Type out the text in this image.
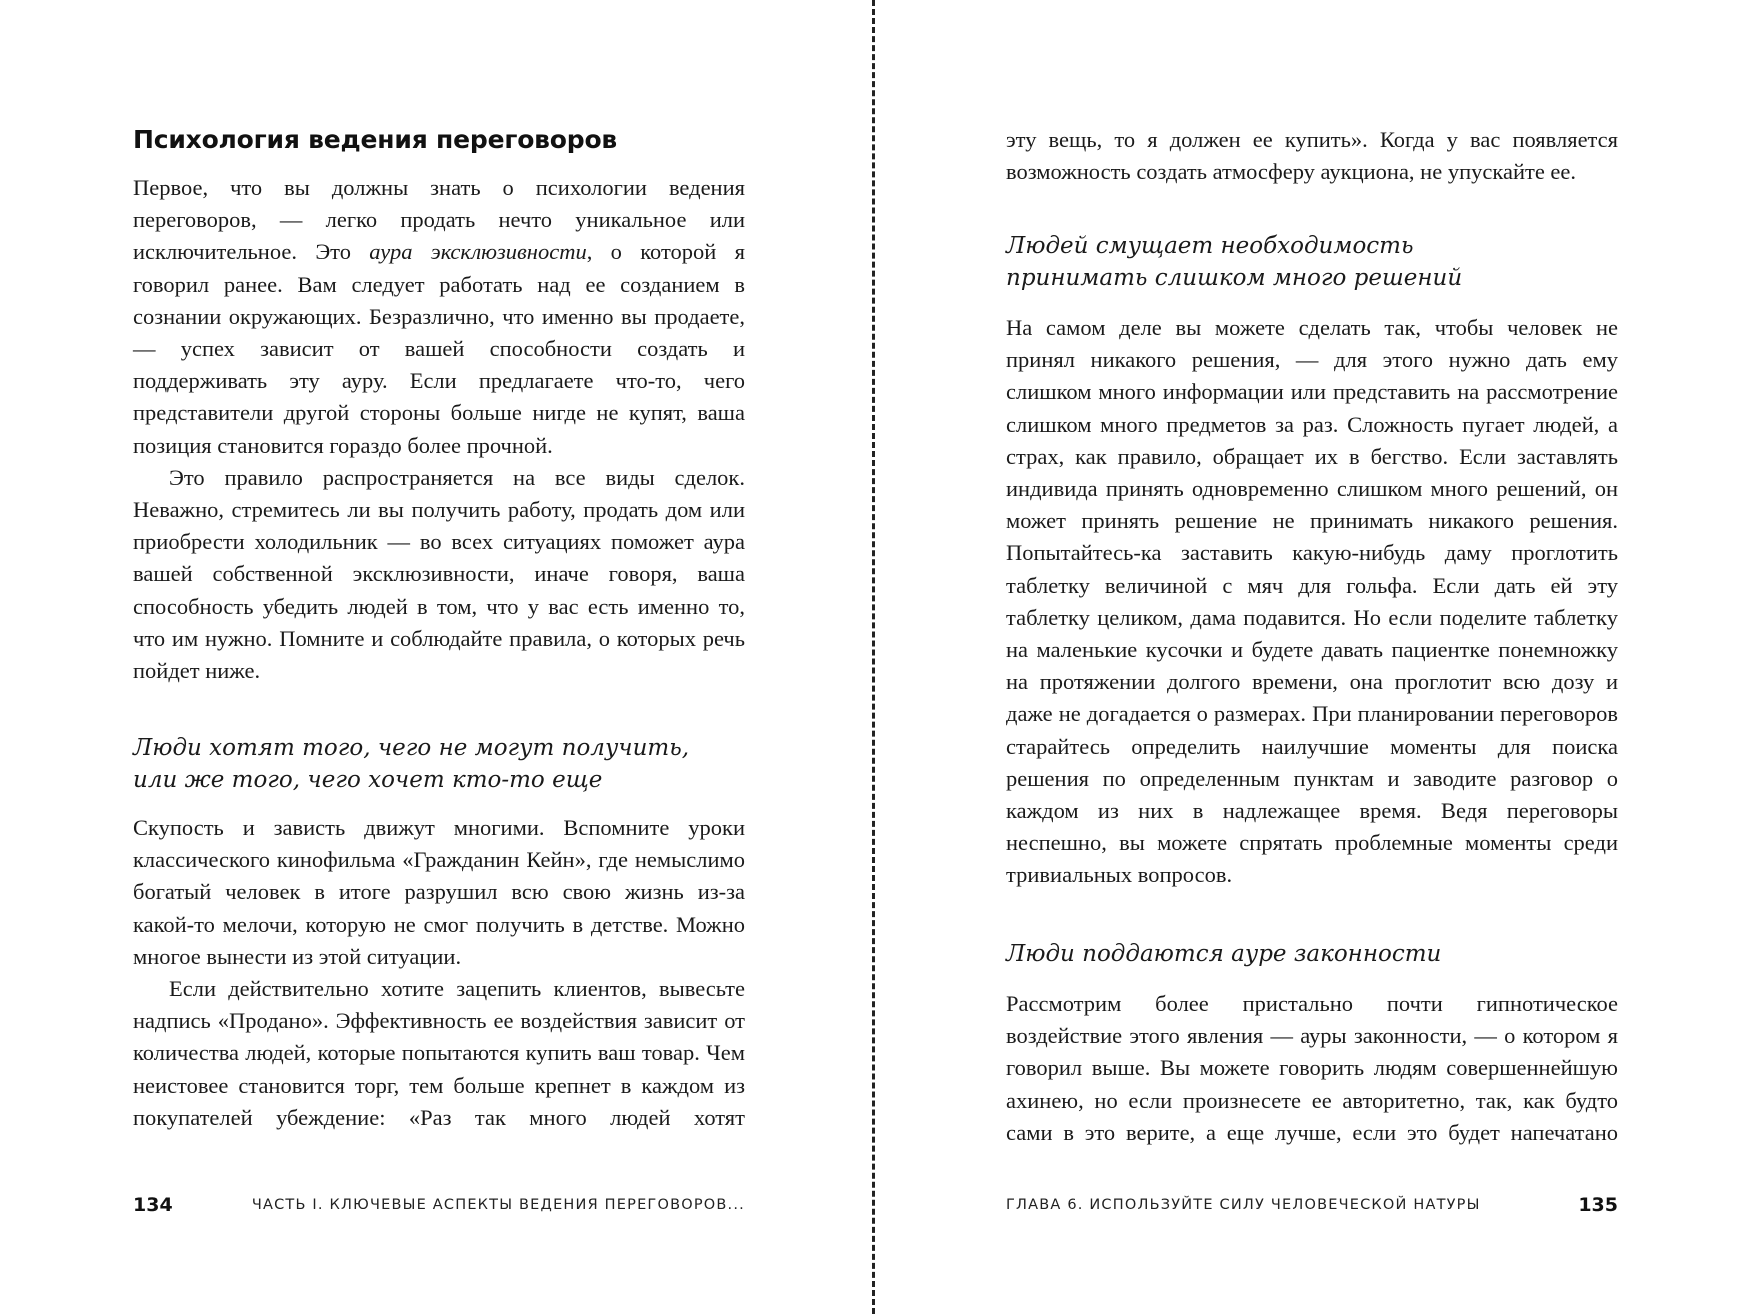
Психология ведения переговоров

Первое, что вы должны знать о психологии ведения переговоров, — легко продать нечто уникальное или исключительное. Это аура эксклюзивности, о которой я говорил ранее. Вам следует работать над ее созданием в сознании окружающих. Безразлично, что именно вы продаете, — успех зависит от вашей способности создать и поддерживать эту ауру. Если предлагаете что-то, чего представители другой стороны больше нигде не купят, ваша позиция становится гораздо более прочной.

Это правило распространяется на все виды сделок. Неважно, стремитесь ли вы получить работу, продать дом или приобрести холодильник — во всех ситуациях поможет аура вашей собственной эксклюзивности, иначе говоря, ваша способность убедить людей в том, что у вас есть именно то, что им нужно. Помните и соблюдайте правила, о которых речь пойдет ниже.

Люди хотят того, чего не могут получить,
или же того, чего хочет кто-то еще

Скупость и зависть движут многими. Вспомните уроки классического кинофильма «Гражданин Кейн», где немыслимо богатый человек в итоге разрушил всю свою жизнь из-за какой-то мелочи, которую не смог получить в детстве. Можно многое вынести из этой ситуации.

Если действительно хотите зацепить клиентов, вывесьте надпись «Продано». Эффективность ее воздействия зависит от количества людей, которые попытаются купить ваш товар. Чем неистовее становится торг, тем больше крепнет в каждом из покупателей убеждение: «Раз так много людей хотят

134	ЧАСТЬ I. КЛЮЧЕВЫЕ АСПЕКТЫ ВЕДЕНИЯ ПЕРЕГОВОРОВ...

эту вещь, то я должен ее купить». Когда у вас появляется возможность создать атмосферу аукциона, не упускайте ее.

Людей смущает необходимость
принимать слишком много решений

На самом деле вы можете сделать так, чтобы человек не принял никакого решения, — для этого нужно дать ему слишком много информации или представить на рассмотрение слишком много предметов за раз. Сложность пугает людей, а страх, как правило, обращает их в бегство. Если заставлять индивида принять одновременно слишком много решений, он может принять решение не принимать никакого решения. Попытайтесь-ка заставить какую-нибудь даму проглотить таблетку величиной с мяч для гольфа. Если дать ей эту таблетку целиком, дама подавится. Но если поделите таблетку на маленькие кусочки и будете давать пациентке понемножку на протяжении долгого времени, она проглотит всю дозу и даже не догадается о размерах. При планировании переговоров старайтесь определить наилучшие моменты для поиска решения по определенным пунктам и заводите разговор о каждом из них в надлежащее время. Ведя переговоры неспешно, вы можете спрятать проблемные моменты среди тривиальных вопросов.

Люди поддаются ауре законности

Рассмотрим более пристально почти гипнотическое воздействие этого явления — ауры законности, — о котором я говорил выше. Вы можете говорить людям совершеннейшую ахинею, но если произнесете ее авторитетно, так, как будто сами в это верите, а еще лучше, если это будет напечатано

ГЛАВА 6. ИСПОЛЬЗУЙТЕ СИЛУ ЧЕЛОВЕЧЕСКОЙ НАТУРЫ	135
